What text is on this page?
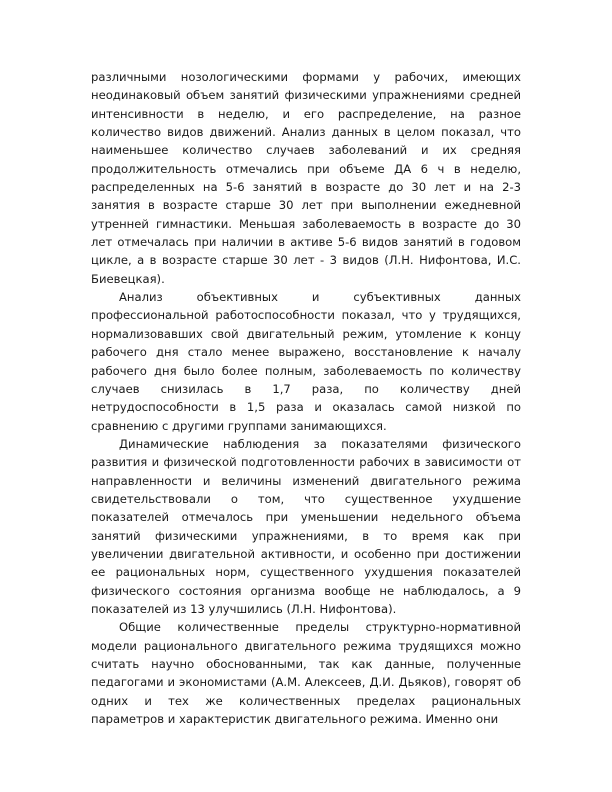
различными нозологическими формами у рабочих, имеющих неодинаковый объем занятий физическими упражнениями средней интенсивности в неделю, и его распределение, на разное количество видов движений. Анализ данных в целом показал, что наименьшее количество случаев заболеваний и их средняя продолжительность отмечались при объеме ДА 6 ч в неделю, распределенных на 5-6 занятий в возрасте до 30 лет и на 2-3 занятия в возрасте старше 30 лет при выполнении ежедневной утренней гимнастики. Меньшая заболеваемость в возрасте до 30 лет отмечалась при наличии в активе 5-6 видов занятий в годовом цикле, а в возрасте старше 30 лет - 3 видов (Л.Н. Нифонтова, И.С. Биевецкая).

Анализ объективных и субъективных данных профессиональной работоспособности показал, что у трудящихся, нормализовавших свой двигательный режим, утомление к концу рабочего дня стало менее выражено, восстановление к началу рабочего дня было более полным, заболеваемость по количеству случаев снизилась в 1,7 раза, по количеству дней нетрудоспособности в 1,5 раза и оказалась самой низкой по сравнению с другими группами занимающихся.

Динамические наблюдения за показателями физического развития и физической подготовленности рабочих в зависимости от направленности и величины изменений двигательного режима свидетельствовали о том, что существенное ухудшение показателей отмечалось при уменьшении недельного объема занятий физическими упражнениями, в то время как при увеличении двигательной активности, и особенно при достижении ее рациональных норм, существенного ухудшения показателей физического состояния организма вообще не наблюдалось, а 9 показателей из 13 улучшились (Л.Н. Нифонтова).

Общие количественные пределы структурно-нормативной модели рационального двигательного режима трудящихся можно считать научно обоснованными, так как данные, полученные педагогами и экономистами (А.М. Алексеев, Д.И. Дьяков), говорят об одних и тех же количественных пределах рациональных параметров и характеристик двигательного режима. Именно они
